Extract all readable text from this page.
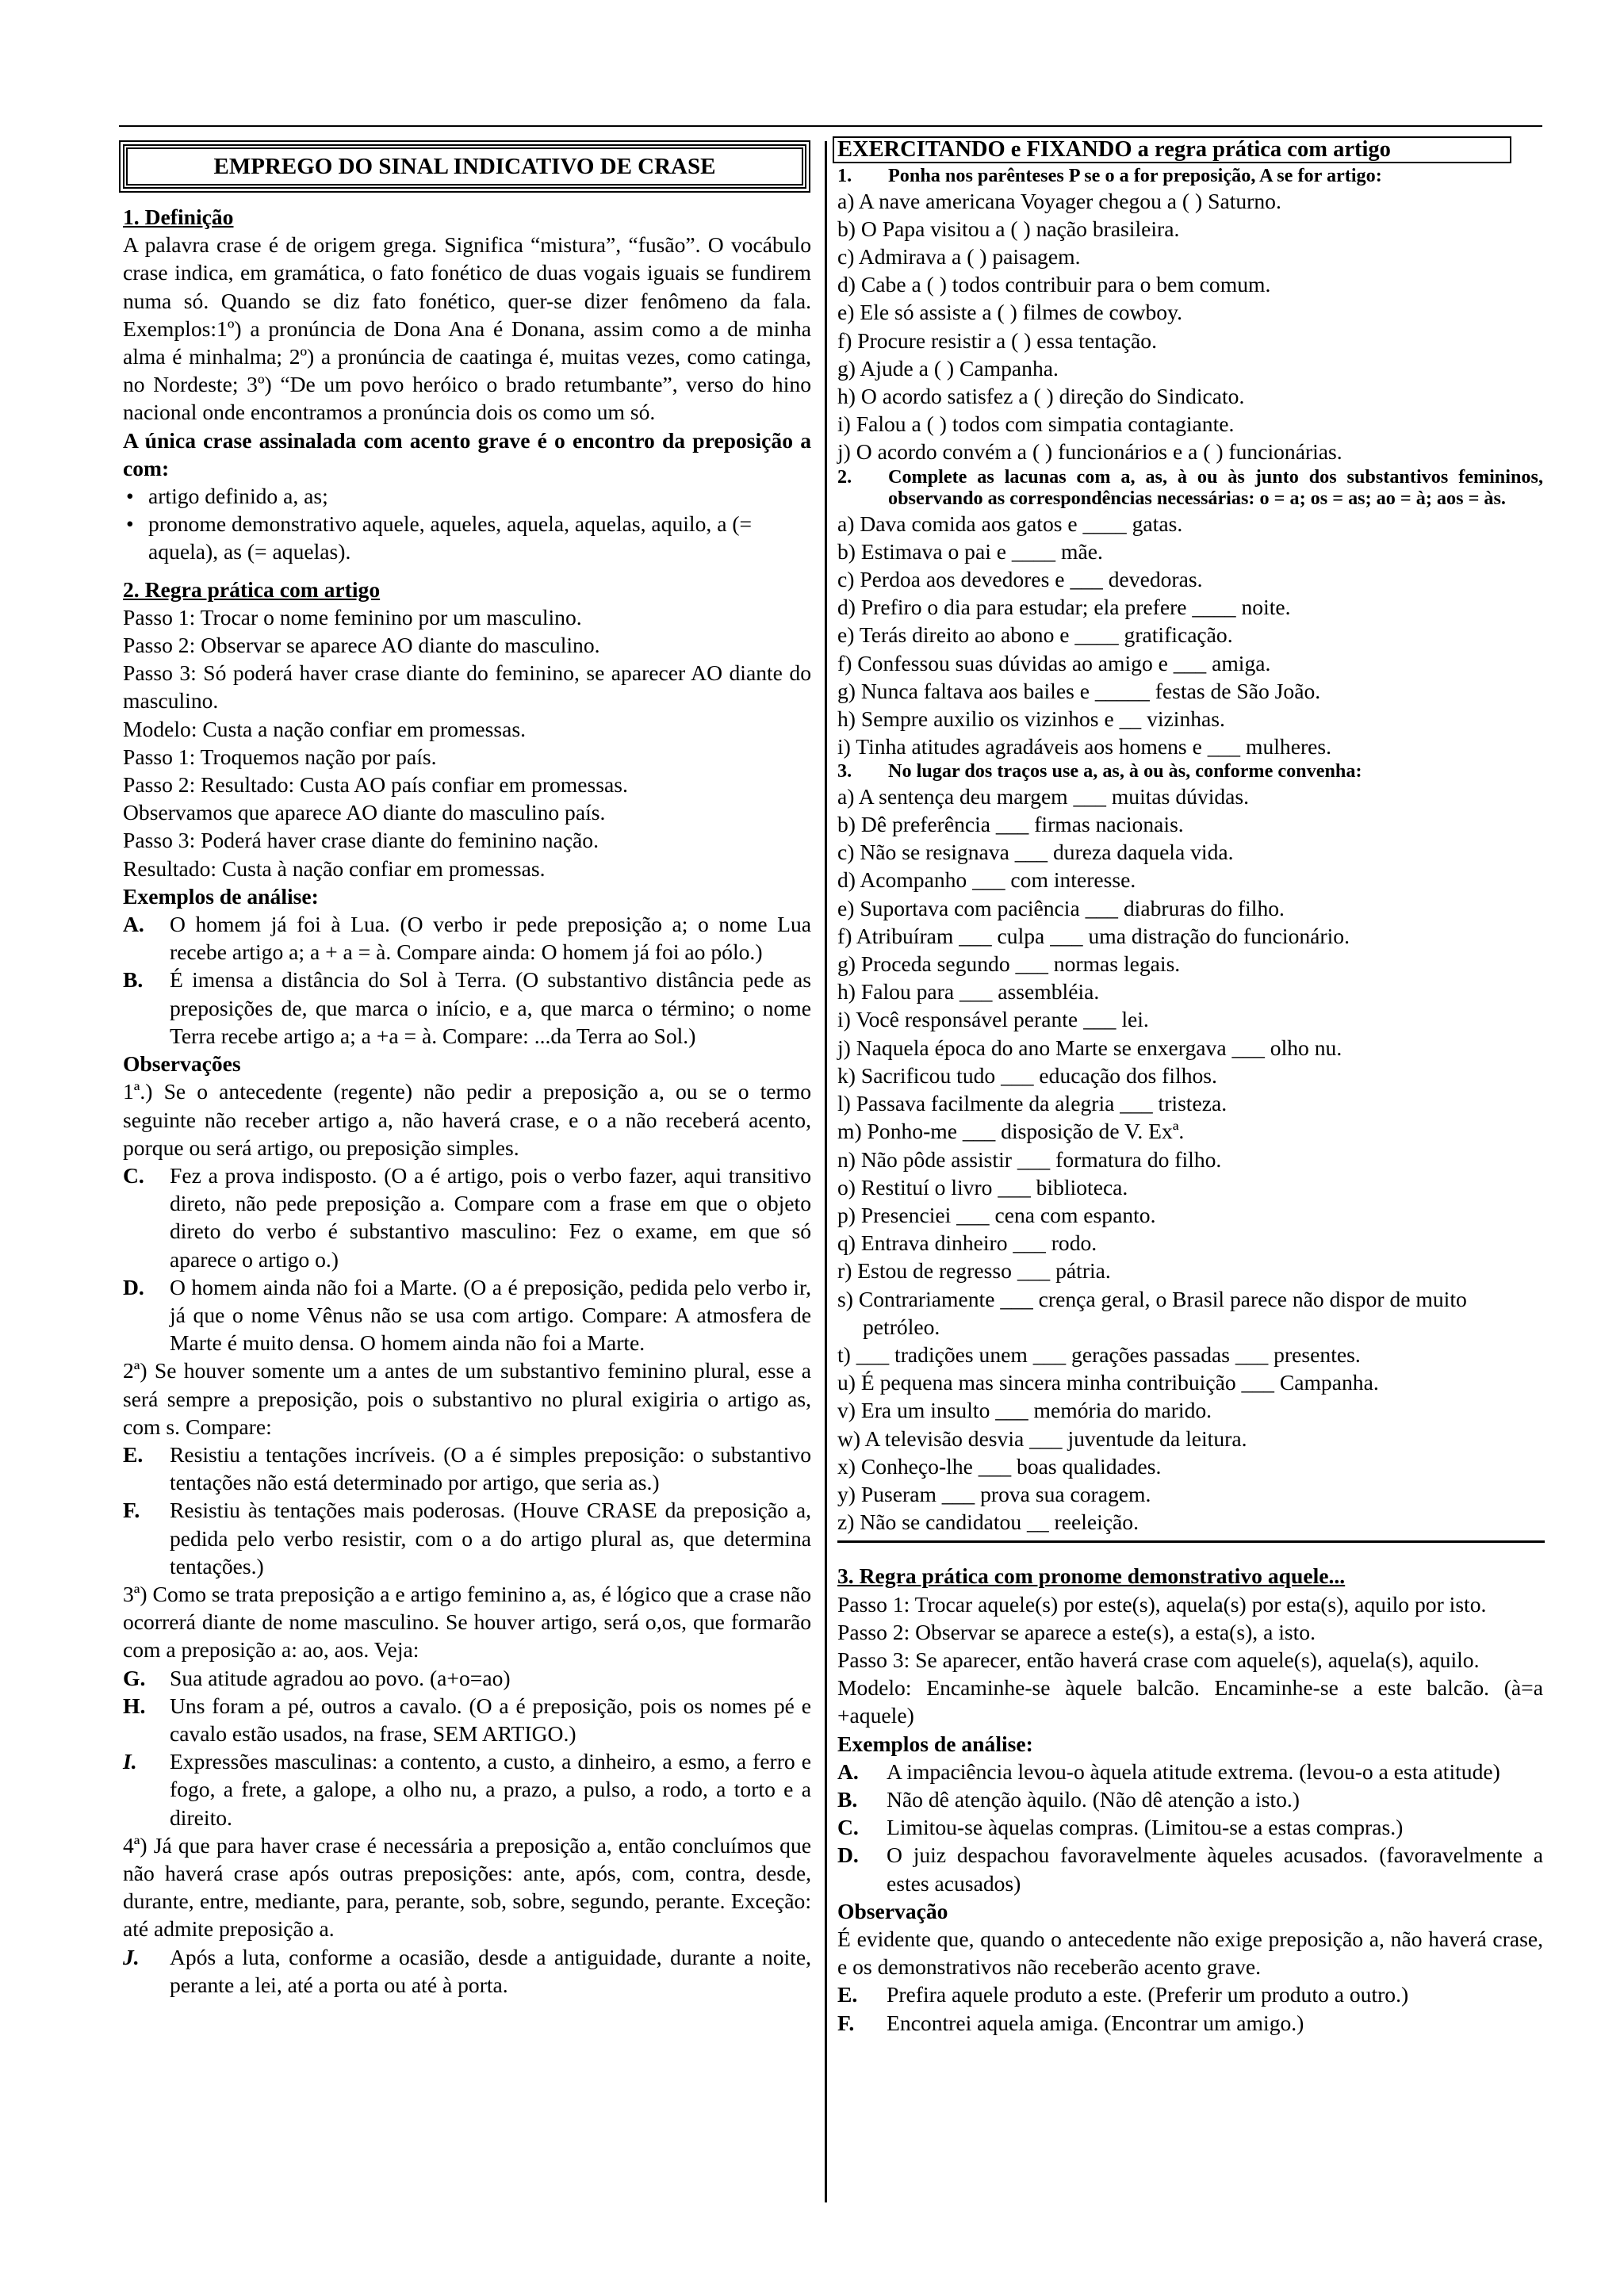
EMPREGO DO SINAL INDICATIVO DE CRASE

1. Definição

A palavra crase é de origem grega. Significa “mistura”, “fusão”. O vocábulo crase indica, em gramática, o fato fonético de duas vogais iguais se fundirem numa só. Quando se diz fato fonético, quer-se dizer fenômeno da fala. Exemplos:1º) a pronúncia de Dona Ana é Donana, assim como a de minha alma é minhalma; 2º) a pronúncia de caatinga é, muitas vezes, como catinga, no Nordeste; 3º) “De um povo heróico o brado retumbante”, verso do hino nacional onde encontramos a pronúncia dois os como um só.

A única crase assinalada com acento grave é o encontro da preposição a com:

• artigo definido a, as;

• pronome demonstrativo aquele, aqueles, aquela, aquelas, aquilo, a (= aquela), as (= aquelas).

2. Regra prática com artigo

Passo 1: Trocar o nome feminino por um masculino.

Passo 2: Observar se aparece AO diante do masculino.

Passo 3: Só poderá haver crase diante do feminino, se aparecer AO diante do masculino.

Modelo: Custa a nação confiar em promessas.

Passo 1: Troquemos nação por país.

Passo 2: Resultado: Custa AO país confiar em promessas.

Observamos que aparece AO diante do masculino país.

Passo 3: Poderá haver crase diante do feminino nação.

Resultado: Custa à nação confiar em promessas.

Exemplos de análise:

A. O homem já foi à Lua. (O verbo ir pede preposição a; o nome Lua recebe artigo a; a + a = à. Compare ainda: O homem já foi ao pólo.)
B. É imensa a distância do Sol à Terra. (O substantivo distância pede as preposições de, que marca o início, e a, que marca o término; o nome Terra recebe artigo a; a +a = à. Compare: ...da Terra ao Sol.)

Observações

1ª.) Se o antecedente (regente) não pedir a preposição a, ou se o termo seguinte não receber artigo a, não haverá crase, e o a não receberá acento, porque ou será artigo, ou preposição simples.

C. Fez a prova indisposto. (O a é artigo, pois o verbo fazer, aqui transitivo direto, não pede preposição a. Compare com a frase em que o objeto direto do verbo é substantivo masculino: Fez o exame, em que só aparece o artigo o.)
D. O homem ainda não foi a Marte. (O a é preposição, pedida pelo verbo ir, já que o nome Vênus não se usa com artigo. Compare: A atmosfera de Marte é muito densa. O homem ainda não foi a Marte.

2ª) Se houver somente um a antes de um substantivo feminino plural, esse a será sempre a preposição, pois o substantivo no plural exigiria o artigo as, com s. Compare:

E. Resistiu a tentações incríveis. (O a é simples preposição: o substantivo tentações não está determinado por artigo, que seria as.)
F. Resistiu às tentações mais poderosas. (Houve CRASE da preposição a, pedida pelo verbo resistir, com o a do artigo plural as, que determina tentações.)

3ª) Como se trata preposição a e artigo feminino a, as, é lógico que a crase não ocorrerá diante de nome masculino. Se houver artigo, será o,os, que formarão com a preposição a: ao, aos. Veja:

G. Sua atitude agradou ao povo. (a+o=ao)
H. Uns foram a pé, outros a cavalo. (O a é preposição, pois os nomes pé e cavalo estão usados, na frase, SEM ARTIGO.)
I. Expressões masculinas: a contento, a custo, a dinheiro, a esmo, a ferro e fogo, a frete, a galope, a olho nu, a prazo, a pulso, a rodo, a torto e a direito.

4ª) Já que para haver crase é necessária a preposição a, então concluímos que não haverá crase após outras preposições: ante, após, com, contra, desde, durante, entre, mediante, para, perante, sob, sobre, segundo, perante. Exceção: até admite preposição a.

J. Após a luta, conforme a ocasião, desde a antiguidade, durante a noite, perante a lei, até a porta ou até à porta.
EXERCITANDO e FIXANDO a regra prática com artigo
1. Ponha nos parênteses P se o a for preposição, A se for artigo:

a) A nave americana Voyager chegou a ( ) Saturno.

b) O Papa visitou a ( ) nação brasileira.

c) Admirava a ( ) paisagem.

d) Cabe a ( ) todos contribuir para o bem comum.

e) Ele só assiste a ( ) filmes de cowboy.

f) Procure resistir a ( ) essa tentação.

g) Ajude a ( ) Campanha.

h) O acordo satisfez a ( ) direção do Sindicato.

i) Falou a ( ) todos com simpatia contagiante.

j) O acordo convém a ( ) funcionários e a ( ) funcionárias.

2. Complete as lacunas com a, as, à ou às junto dos substantivos femininos, observando as correspondências necessárias: o = a; os = as; ao = à; aos = às.

a) Dava comida aos gatos e ____ gatas.

b) Estimava o pai e ____ mãe.

c) Perdoa aos devedores e ___ devedoras.

d) Prefiro o dia para estudar; ela prefere ____ noite.

e) Terás direito ao abono e ____ gratificação.

f) Confessou suas dúvidas ao amigo e ___ amiga.

g) Nunca faltava aos bailes e _____ festas de São João.

h) Sempre auxilio os vizinhos e __ vizinhas.

i) Tinha atitudes agradáveis aos homens e ___ mulheres.

3. No lugar dos traços use a, as, à ou às, conforme convenha:

a) A sentença deu margem ___ muitas dúvidas.

b) Dê preferência ___ firmas nacionais.

c) Não se resignava ___ dureza daquela vida.

d) Acompanho ___ com interesse.

e) Suportava com paciência ___ diabruras do filho.

f) Atribuíram ___ culpa ___ uma distração do funcionário.

g) Proceda segundo ___ normas legais.

h) Falou para ___ assembléia.

i) Você responsável perante ___ lei.

j) Naquela época do ano Marte se enxergava ___ olho nu.

k) Sacrificou tudo ___ educação dos filhos.

l) Passava facilmente da alegria ___ tristeza.

m) Ponho-me ___ disposição de V. Exª.

n) Não pôde assistir ___ formatura do filho.

o) Restituí o livro ___ biblioteca.

p) Presenciei ___ cena com espanto.

q) Entrava dinheiro ___ rodo.

r) Estou de regresso ___ pátria.

s) Contrariamente ___ crença geral, o Brasil parece não dispor de muito petróleo.

t) ___ tradições unem ___ gerações passadas ___ presentes.

u) É pequena mas sincera minha contribuição ___ Campanha.

v) Era um insulto ___ memória do marido.

w) A televisão desvia ___ juventude da leitura.

x) Conheço-lhe ___ boas qualidades.

y) Puseram ___ prova sua coragem.

z) Não se candidatou __ reeleição.

3. Regra prática com pronome demonstrativo aquele...

Passo 1: Trocar aquele(s) por este(s), aquela(s) por esta(s), aquilo por isto.

Passo 2: Observar se aparece a este(s), a esta(s), a isto.

Passo 3: Se aparecer, então haverá crase com aquele(s), aquela(s), aquilo.

Modelo: Encaminhe-se àquele balcão. Encaminhe-se a este balcão. (à=a +aquele)

Exemplos de análise:

A. A impaciência levou-o àquela atitude extrema. (levou-o a esta atitude)
B. Não dê atenção àquilo. (Não dê atenção a isto.)
C. Limitou-se àquelas compras. (Limitou-se a estas compras.)
D. O juiz despachou favoravelmente àqueles acusados. (favoravelmente a estes acusados)

Observação

É evidente que, quando o antecedente não exige preposição a, não haverá crase, e os demonstrativos não receberão acento grave.

E. Prefira aquele produto a este. (Preferir um produto a outro.)
F. Encontrei aquela amiga. (Encontrar um amigo.)
